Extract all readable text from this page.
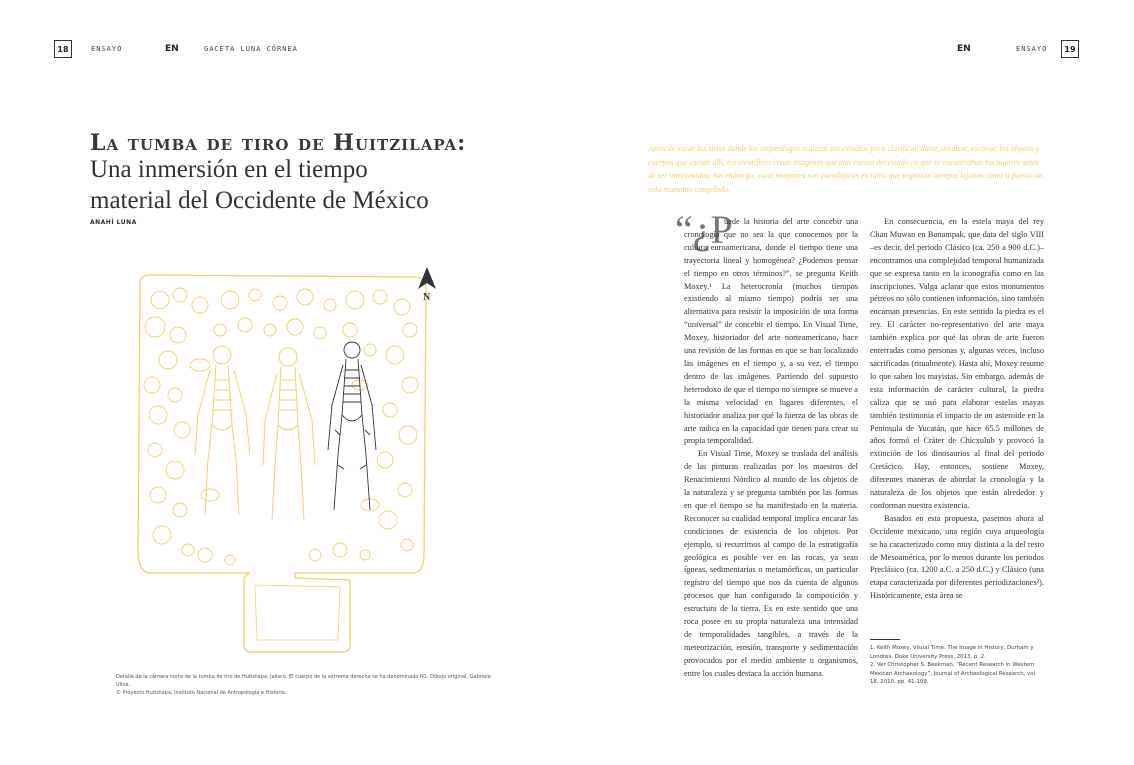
18	ENSAYO	EN	GACETA LUNA CÓRNEA	EN	ENSAYO	19
La tumba de tiro de Huitzilapa:
Una inmersión en el tiempo
material del Occidente de México
ANAHÍ LUNA
N
Detalle de la cámara norte de la tumba de tiro de Huitzilapa, Jalisco. El cuerpo de la extrema derecha se ha denominado N1. Dibujo original, Gabriela Ulloa.
© Proyecto Huitzilapa, Instituto Nacional de Antropología e Historia.
Antes de sacar los sitios donde los arqueólogos realizan sus estudios para clasificar, datar, analizar, excavar, los objetos y cuerpos que yacían allí, los científicos crean imágenes que dan cuenta del estado en que se encontraban los lugares antes de ser intervenidos. Sin embargo, estas imágenes son paradójicas en tanto que registran tiempos lejanos como si fueran un solo momento congelado.
“¿P

uede la historia del arte concebir una cronología que no sea la que conocemos por la cultura euroamericana, donde el tiempo tiene una trayectoria lineal y homogénea? ¿Podemos pensar el tiempo en otros términos?”, se pregunta Keith Moxey.¹ La heterocronía (muchos tiempos existiendo al mismo tiempo) podría ser una alternativa para resistir la imposición de una forma “universal” de concebir el tiempo. En Visual Time, Moxey, historiador del arte norteamericano, hace una revisión de las formas en que se han localizado las imágenes en el tiempo y, a su vez, el tiempo dentro de las imágenes. Partiendo del supuesto heterodoxo de que el tiempo no siempre se mueve a la misma velocidad en lugares diferentes, el historiador analiza por qué la fuerza de las obras de arte radica en la capacidad que tienen para crear su propia temporalidad.

En Visual Time, Moxey se traslada del análisis de las pinturas realizadas por los maestros del Renacimiento Nórdico al mundo de los objetos de la naturaleza y se pregunta también por las formas en que el tiempo se ha manifestado en la materia. Reconocer su cualidad temporal implica encarar las condiciones de existencia de los objetos. Por ejemplo, si recurrimos al campo de la estratigrafía geológica es posible ver en las rocas, ya sean ígneas, sedimentarias o metamórficas, un particular registro del tiempo que nos da cuenta de algunos procesos que han configurado la composición y estructura de la tierra. Es en este sentido que una roca posee en su propia naturaleza una intensidad de temporalidades tangibles, a través de la meteorización, erosión, transporte y sedimentación provocados por el medio ambiente u organismos, entre los cuales destaca la acción humana.

En consecuencia, en la estela maya del rey Chan Muwan en Bonampak, que data del siglo VIII –es decir, del periodo Clásico (ca. 250 a 900 d.C.)– encontramos una complejidad temporal humanizada que se expresa tanto en la iconografía como en las inscripciones. Valga aclarar que estos monumentos pétreos no sólo contienen información, sino también encarnan presencias. En este sentido la piedra es el rey. El carácter no-representativo del arte maya también explica por qué las obras de arte fueron enterradas como personas y, algunas veces, incluso sacrificadas (ritualmente). Hasta ahí, Moxey resume lo que saben los mayistas. Sin embargo, además de esta información de carácter cultural, la piedra caliza que se usó para elaborar estelas mayas también testimonia el impacto de un asteroide en la Península de Yucatán, que hace 65.5 millones de años formó el Cráter de Chicxulub y provocó la extinción de los dinosaurios al final del periodo Cretácico. Hay, entonces, sostiene Moxey, diferentes maneras de abordar la cronología y la naturaleza de los objetos que están alrededor y conforman nuestra existencia.

Basados en esta propuesta, pasemos ahora al Occidente mexicano, una región cuya arqueología se ha caracterizado como muy distinta a la del resto de Mesoamérica, por lo menos durante los periodos Preclásico (ca. 1200 a.C. a 250 d.C.) y Clásico (una etapa caracterizada por diferentes periodizaciones²). Históricamente, esta área se

1. Keith Moxey, Visual Time: The Image in History, Durham y Londres, Duke University Press, 2013, p. 2.
2. Ver Christopher S. Beekman, “Recent Research in Western Mexican Archaeology”, Journal of Archeological Research, vol. 18, 2010, pp. 41-109.
